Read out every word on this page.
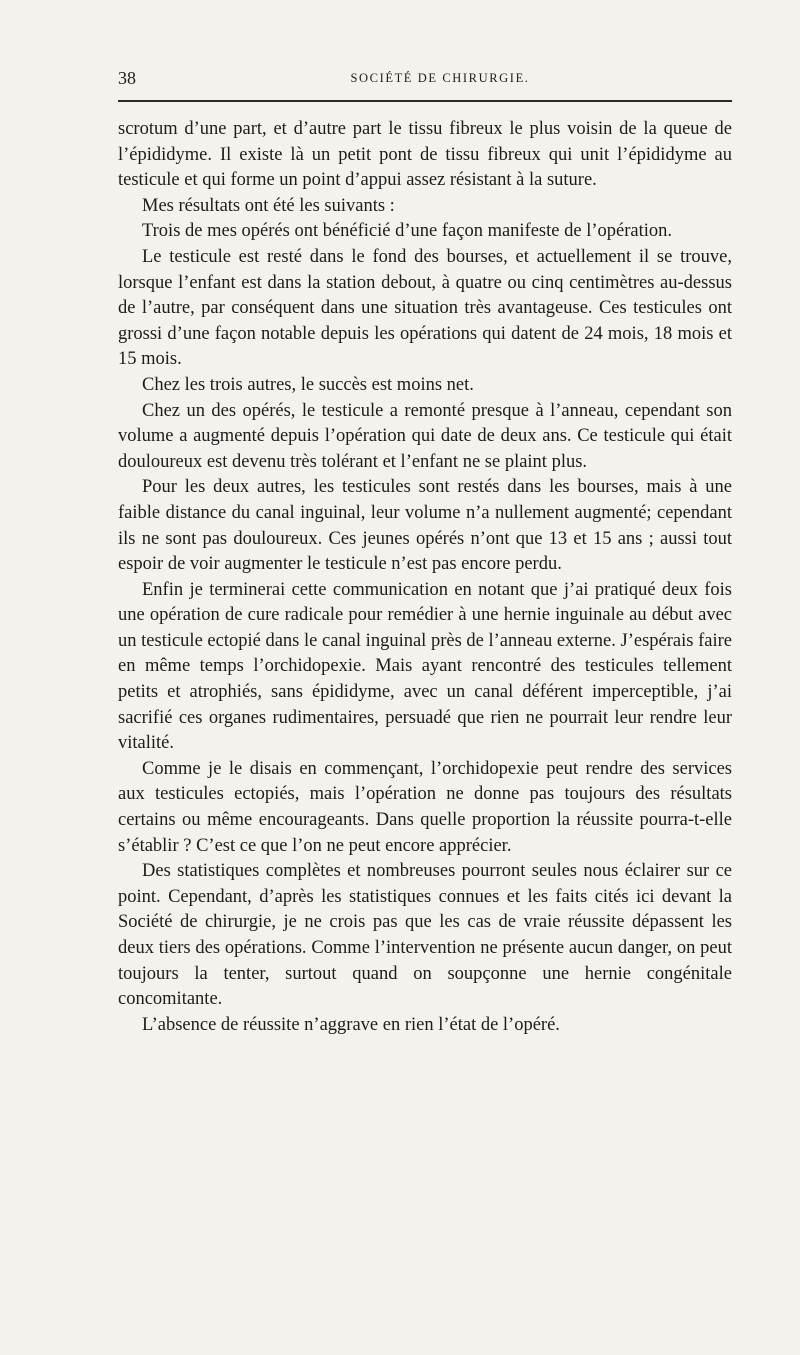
38	SOCIÉTÉ DE CHIRURGIE.

scrotum d’une part, et d’autre part le tissu fibreux le plus voisin de la queue de l’épididyme. Il existe là un petit pont de tissu fibreux qui unit l’épididyme au testicule et qui forme un point d’appui assez résistant à la suture.

Mes résultats ont été les suivants :

Trois de mes opérés ont bénéficié d’une façon manifeste de l’opération.

Le testicule est resté dans le fond des bourses, et actuellement il se trouve, lorsque l’enfant est dans la station debout, à quatre ou cinq centimètres au-dessus de l’autre, par conséquent dans une situation très avantageuse. Ces testicules ont grossi d’une façon notable depuis les opérations qui datent de 24 mois, 18 mois et 15 mois.

Chez les trois autres, le succès est moins net.

Chez un des opérés, le testicule a remonté presque à l’anneau, cependant son volume a augmenté depuis l’opération qui date de deux ans. Ce testicule qui était douloureux est devenu très tolérant et l’enfant ne se plaint plus.

Pour les deux autres, les testicules sont restés dans les bourses, mais à une faible distance du canal inguinal, leur volume n’a nullement augmenté; cependant ils ne sont pas douloureux. Ces jeunes opérés n’ont que 13 et 15 ans ; aussi tout espoir de voir augmenter le testicule n’est pas encore perdu.

Enfin je terminerai cette communication en notant que j’ai pratiqué deux fois une opération de cure radicale pour remédier à une hernie inguinale au début avec un testicule ectopié dans le canal inguinal près de l’anneau externe. J’espérais faire en même temps l’orchidopexie. Mais ayant rencontré des testicules tellement petits et atrophiés, sans épididyme, avec un canal déférent imperceptible, j’ai sacrifié ces organes rudimentaires, persuadé que rien ne pourrait leur rendre leur vitalité.

Comme je le disais en commençant, l’orchidopexie peut rendre des services aux testicules ectopiés, mais l’opération ne donne pas toujours des résultats certains ou même encourageants. Dans quelle proportion la réussite pourra-t-elle s’établir ? C’est ce que l’on ne peut encore apprécier.

Des statistiques complètes et nombreuses pourront seules nous éclairer sur ce point. Cependant, d’après les statistiques connues et les faits cités ici devant la Société de chirurgie, je ne crois pas que les cas de vraie réussite dépassent les deux tiers des opérations. Comme l’intervention ne présente aucun danger, on peut toujours la tenter, surtout quand on soupçonne une hernie congénitale concomitante.

L’absence de réussite n’aggrave en rien l’état de l’opéré.
